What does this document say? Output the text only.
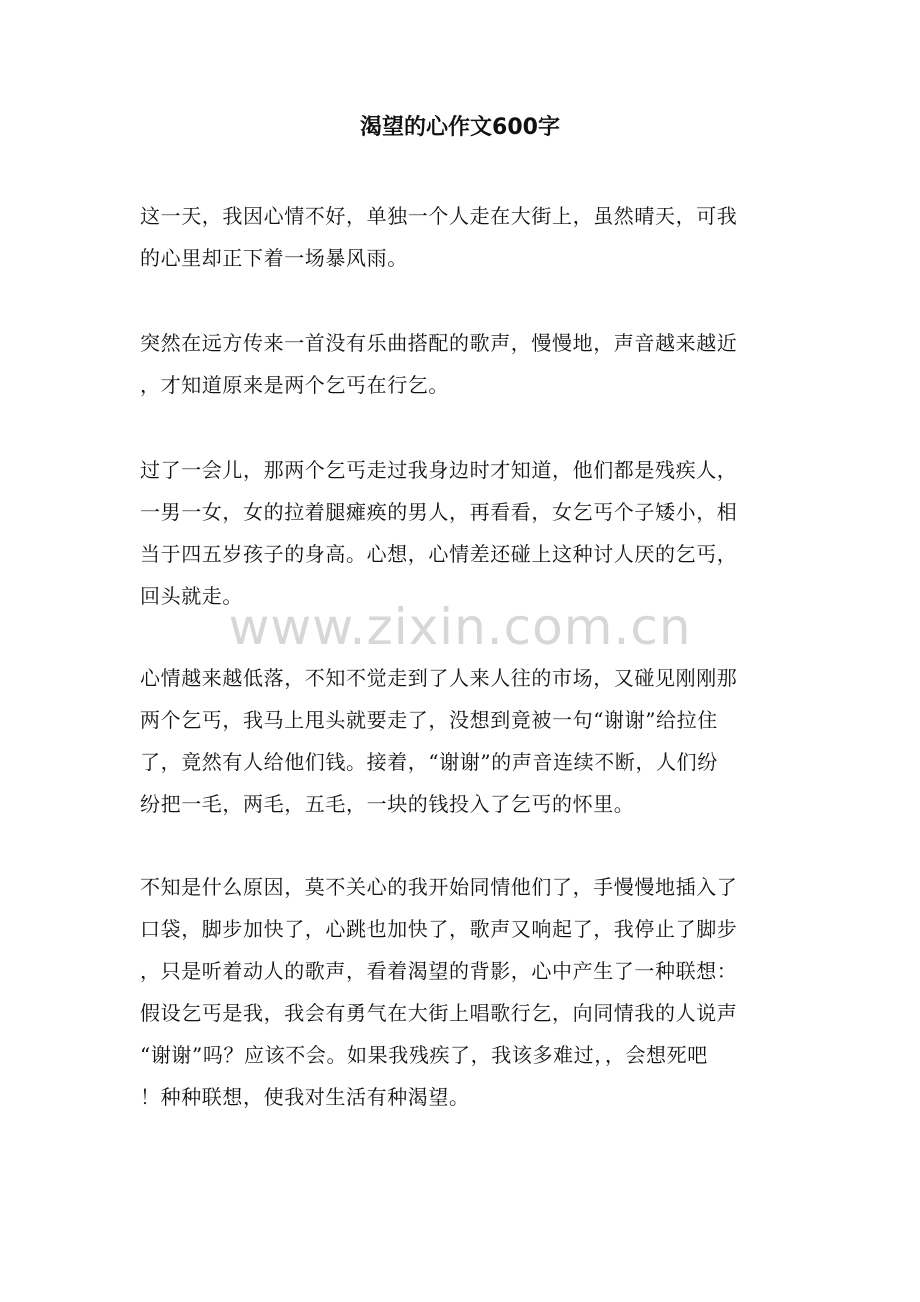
渴望的心作文600字
www.zixin.com.cn

这一天，我因心情不好，单独一个人走在大街上，虽然晴天，可我
的心里却正下着一场暴风雨。

突然在远方传来一首没有乐曲搭配的歌声，慢慢地，声音越来越近
，才知道原来是两个乞丐在行乞。

过了一会儿，那两个乞丐走过我身边时才知道，他们都是残疾人，
一男一女，女的拉着腿瘫痪的男人，再看看，女乞丐个子矮小，相
当于四五岁孩子的身高。心想，心情差还碰上这种讨人厌的乞丐，
回头就走。

心情越来越低落，不知不觉走到了人来人往的市场，又碰见刚刚那
两个乞丐，我马上甩头就要走了，没想到竟被一句“谢谢”给拉住
了，竟然有人给他们钱。接着，“谢谢”的声音连续不断，人们纷
纷把一毛，两毛，五毛，一块的钱投入了乞丐的怀里。

不知是什么原因，莫不关心的我开始同情他们了，手慢慢地插入了
口袋，脚步加快了，心跳也加快了，歌声又响起了，我停止了脚步
，只是听着动人的歌声，看着渴望的背影，心中产生了一种联想：
假设乞丐是我，我会有勇气在大街上唱歌行乞，向同情我的人说声
“谢谢”吗？应该不会。如果我残疾了，我该多难过，，会想死吧
！种种联想，使我对生活有种渴望。
